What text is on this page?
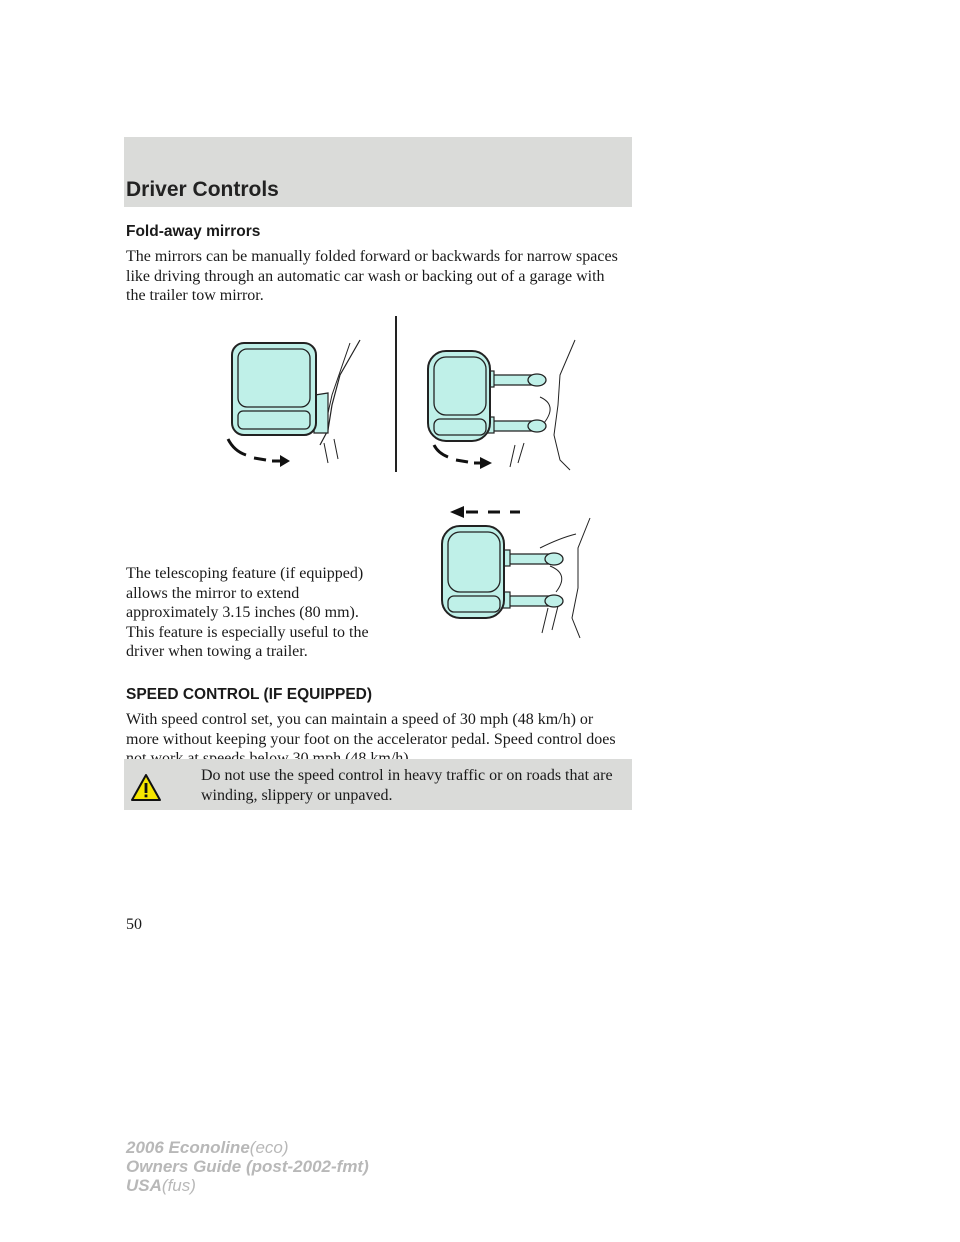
Driver Controls
Fold-away mirrors

The mirrors can be manually folded forward or backwards for narrow spaces like driving through an automatic car wash or backing out of a garage with the trailer tow mirror.

The telescoping feature (if equipped) allows the mirror to extend approximately 3.15 inches (80 mm). This feature is especially useful to the driver when towing a trailer.

SPEED CONTROL (IF EQUIPPED)

With speed control set, you can maintain a speed of 30 mph (48 km/h) or more without keeping your foot on the accelerator pedal. Speed control does

Do not use the speed control in heavy traffic or on roads that are winding, slippery or unpaved.

50
2006 Econoline(eco)
Owners Guide (post-2002-fmt)
USA(fus)
